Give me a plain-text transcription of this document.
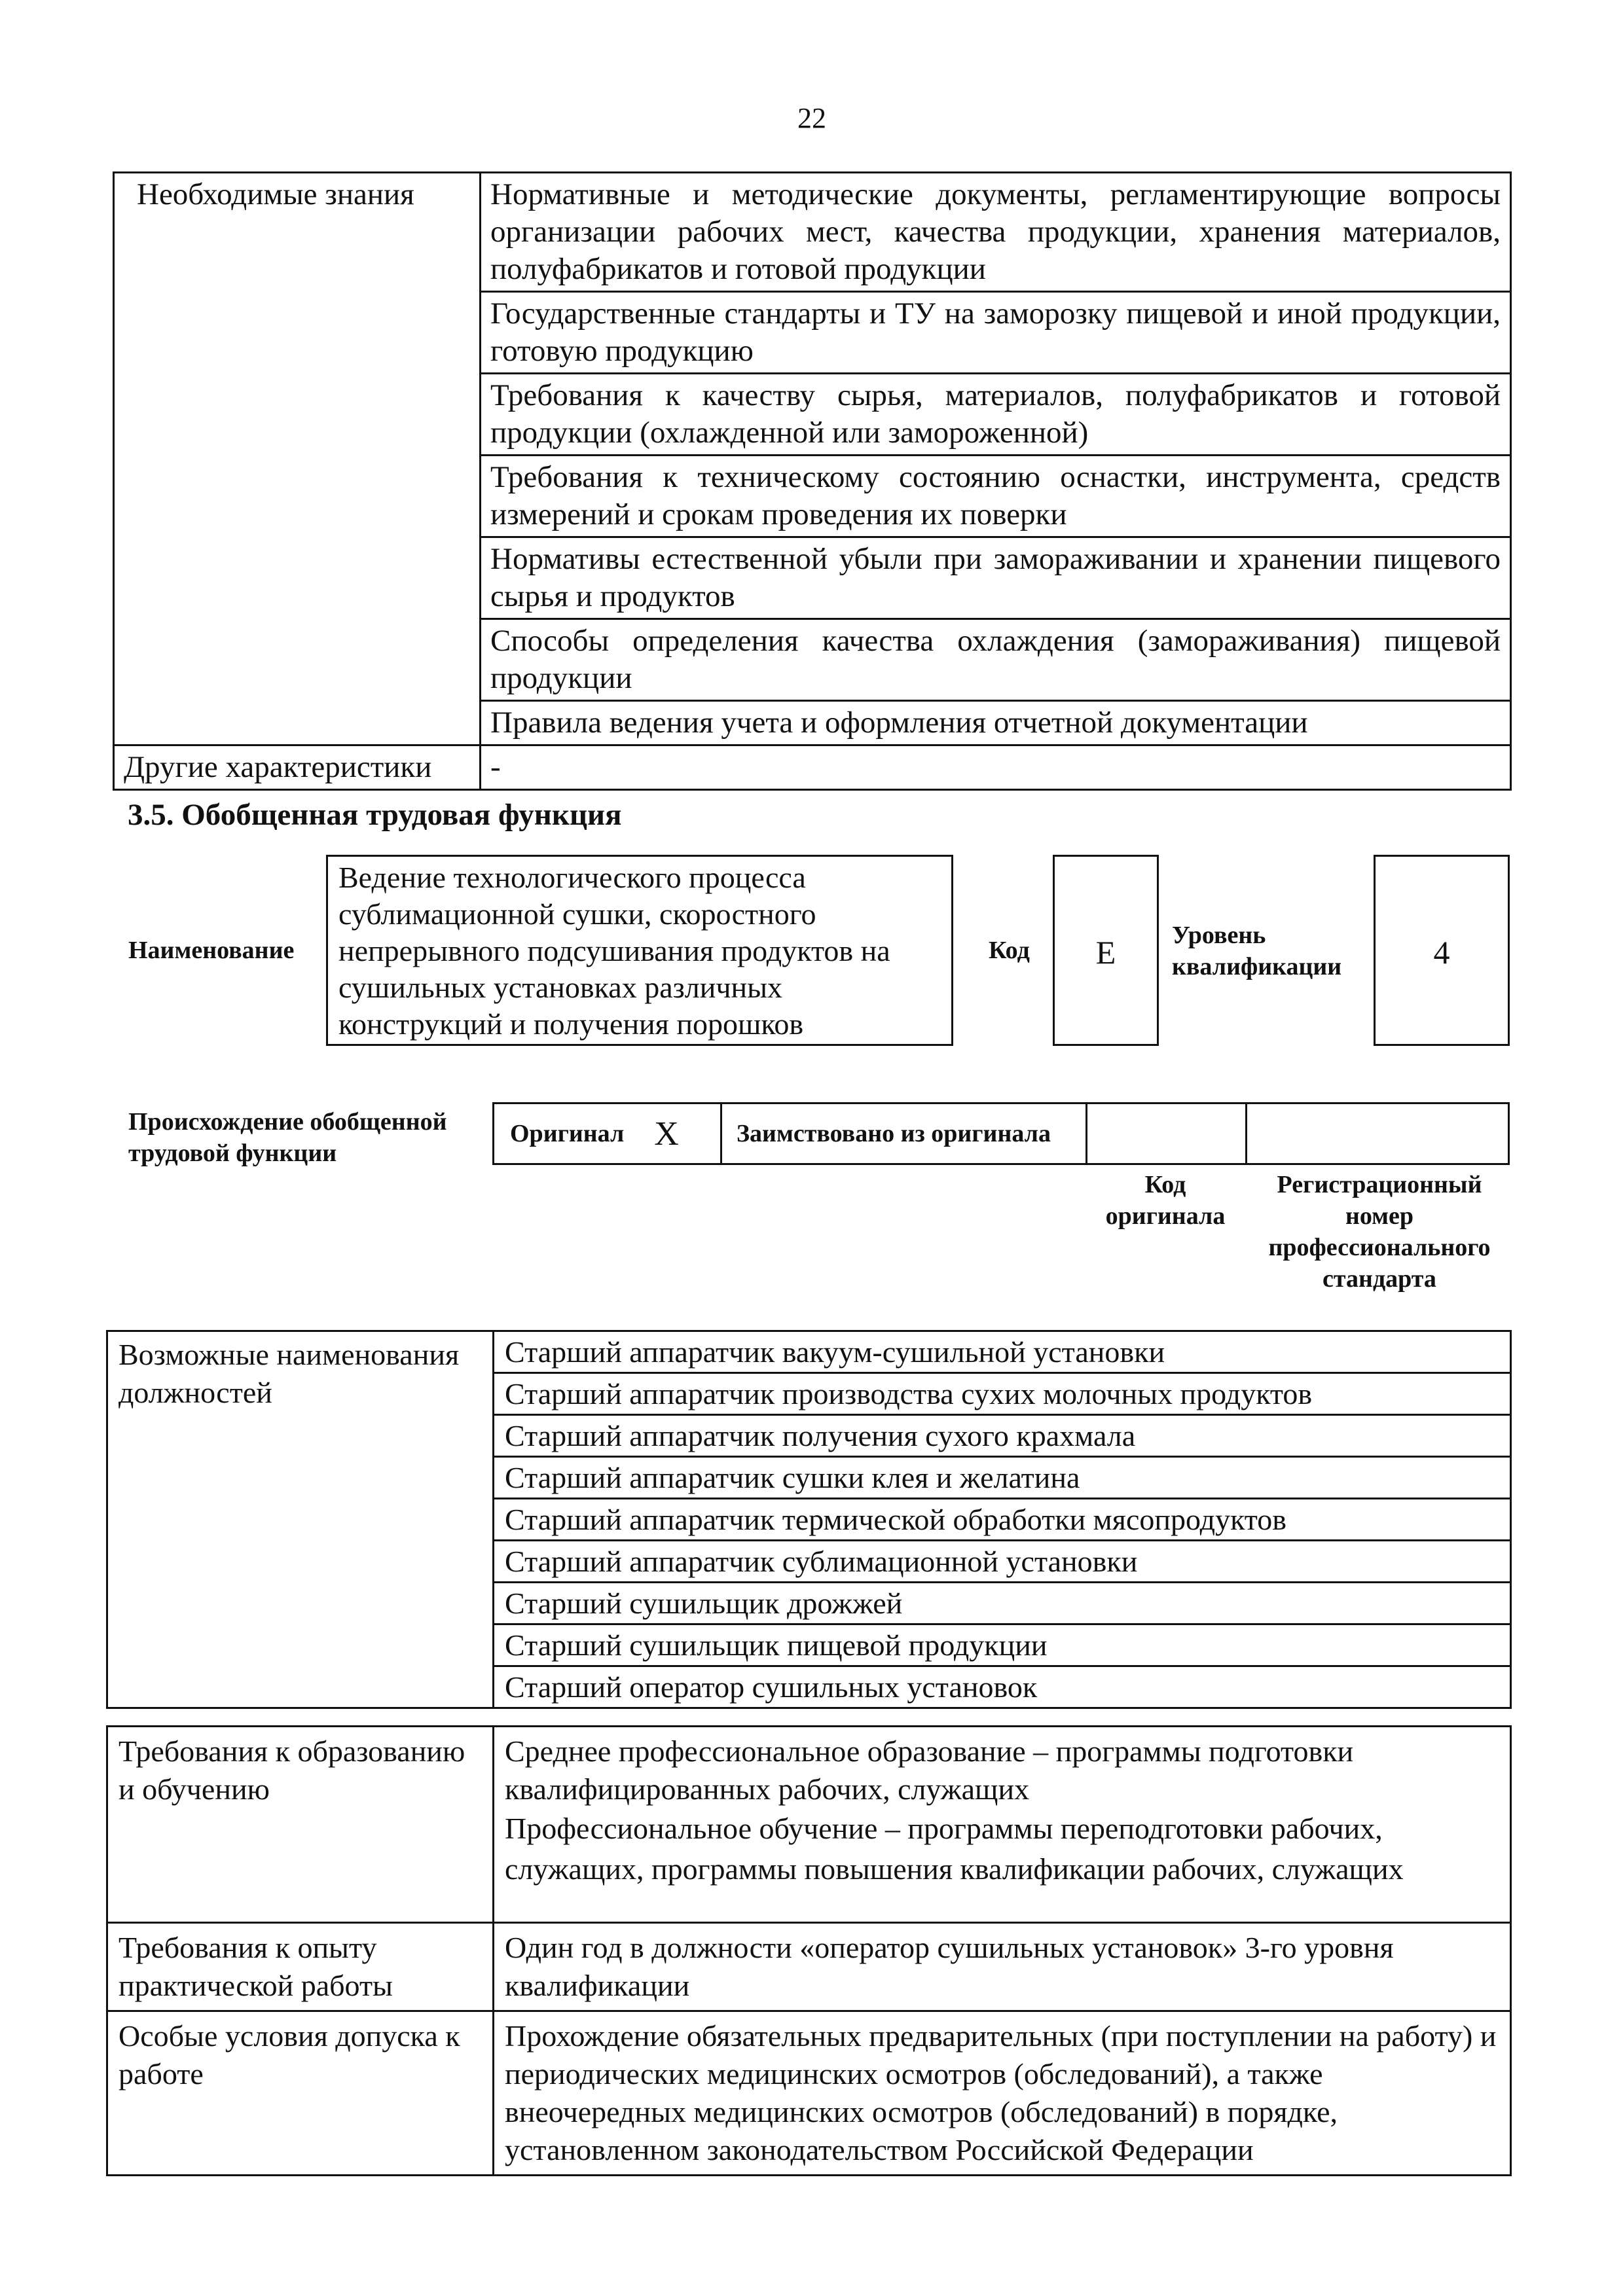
22
Необходимые знания	Нормативные и методические документы, регламентирующие вопросы организации рабочих мест, качества продукции, хранения материалов, полуфабрикатов и готовой продукции
	Государственные стандарты и ТУ на заморозку пищевой и иной продукции, готовую продукцию
	Требования к качеству сырья, материалов, полуфабрикатов и готовой продукции (охлажденной или замороженной)
	Требования к техническому состоянию оснастки, инструмента, средств измерений и срокам проведения их поверки
	Нормативы естественной убыли при замораживании и хранении пищевого сырья и продуктов
	Способы определения качества охлаждения (замораживания) пищевой продукции
	Правила ведения учета и оформления отчетной документации
Другие характеристики	-
3.5. Обобщенная трудовая функция
Наименование
Ведение технологического процесса сублимационной сушки, скоростного непрерывного подсушивания продуктов на сушильных установках различных конструкций и получения порошков
Код	E	Уровень квалификации	4
Происхождение обобщенной трудовой функции
Оригинал X Заимствовано из оригинала
Код оригинала
Регистрационный номер профессионального стандарта
Возможные наименования должностей	Старший аппаратчик вакуум-сушильной установки
Старший аппаратчик производства сухих молочных продуктов
Старший аппаратчик получения сухого крахмала
Старший аппаратчик сушки клея и желатина
Старший аппаратчик термической обработки мясопродуктов
Старший аппаратчик сублимационной установки
Старший сушильщик дрожжей
Старший сушильщик пищевой продукции
Старший оператор сушильных установок
Требования к образованию и обучению	Среднее профессиональное образование – программы подготовки квалифицированных рабочих, служащих
Профессиональное обучение – программы переподготовки рабочих, служащих, программы повышения квалификации рабочих, служащих

Требования к опыту практической работы	Один год в должности «оператор сушильных установок» 3-го уровня квалификации
Особые условия допуска к работе	Прохождение обязательных предварительных (при поступлении на работу) и периодических медицинских осмотров (обследований), а также внеочередных медицинских осмотров (обследований) в порядке, установленном законодательством Российской Федерации
